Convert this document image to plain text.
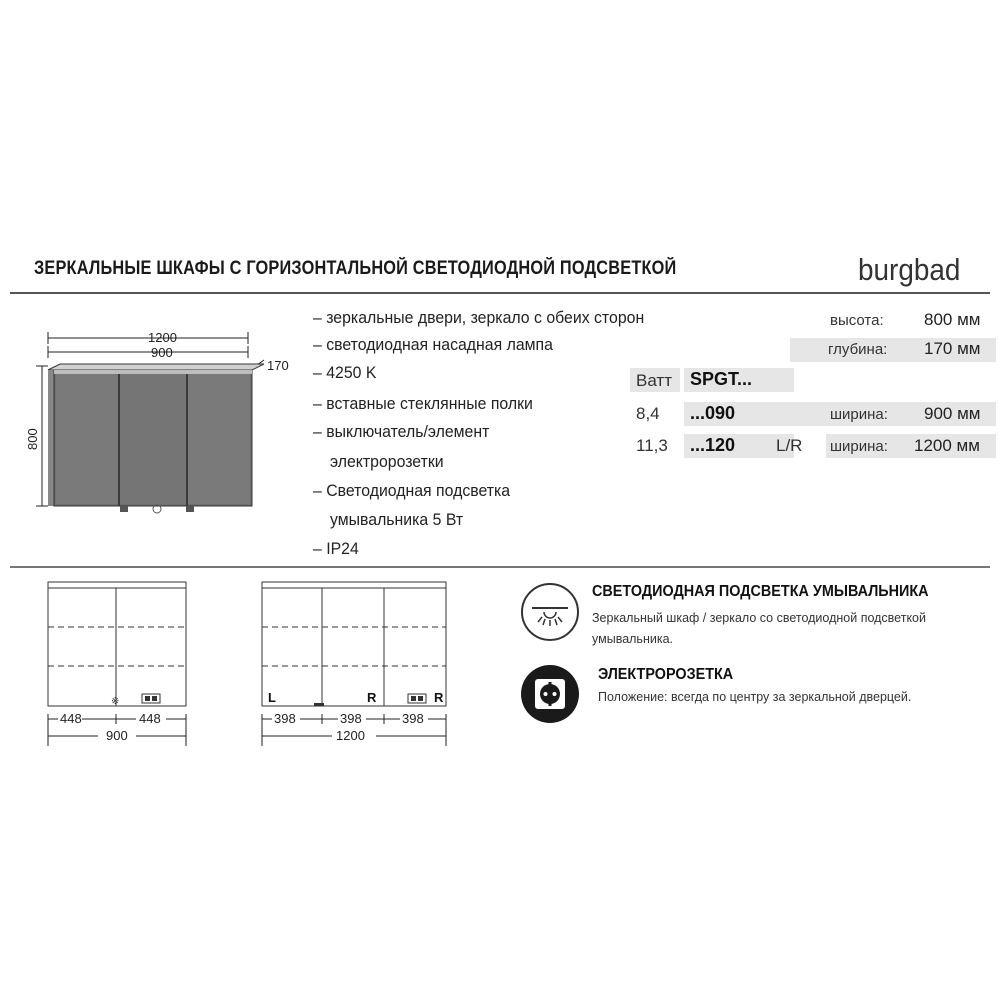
ЗЕРКАЛЬНЫЕ ШКАФЫ С ГОРИЗОНТАЛЬНОЙ СВЕТОДИОДНОЙ ПОДСВЕТКОЙ	burgbad
1200
900
170
800
– зеркальные двери, зеркало с обеих сторон
– светодиодная насадная лампа
– 4250 K
– вставные стеклянные полки
– выключатель/элемент
электророзетки
– Светодиодная подсветка
умывальника 5 Вт
– IP24
высота: 800 мм
глубина: 170 мм
Ватт SPGT...
8,4 ...090	ширина: 900 мм
11,3 ...120 L/R ширина: 1200 мм
※
448	448
900
L	R	R
398	398	398
1200
СВЕТОДИОДНАЯ ПОДСВЕТКА УМЫВАЛЬНИКА
Зеркальный шкаф / зеркало со светодиодной подсветкой
умывальника.
ЭЛЕКТРОРОЗЕТКА
Положение: всегда по центру за зеркальной дверцей.
